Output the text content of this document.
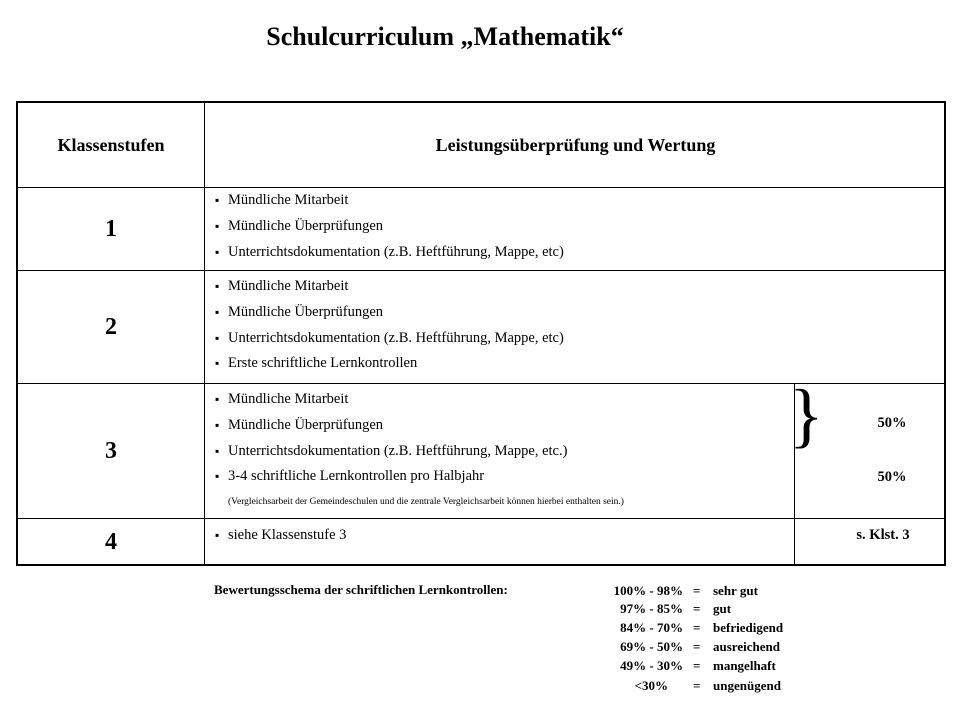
Schulcurriculum „Mathematik“
Klassenstufen	Leistungsüberprüfung und Wertung
1
▪ Mündliche Mitarbeit
▪ Mündliche Überprüfungen
▪ Unterrichtsdokumentation (z.B. Heftführung, Mappe, etc)
2
▪ Mündliche Mitarbeit
▪ Mündliche Überprüfungen
▪ Unterrichtsdokumentation (z.B. Heftführung, Mappe, etc)
▪ Erste schriftliche Lernkontrollen
3
▪ Mündliche Mitarbeit
▪ Mündliche Überprüfungen
▪ Unterrichtsdokumentation (z.B. Heftführung, Mappe, etc.)
▪ 3-4 schriftliche Lernkontrollen pro Halbjahr
(Vergleichsarbeit der Gemeindeschulen und die zentrale Vergleichsarbeit können hierbei enthalten sein.)
}	50%
50%
4
▪	siehe Klassenstufe 3	s. Klst. 3
Bewertungsschema der schriftlichen Lernkontrollen:	100% - 98% = sehr gut
97% - 85% = gut
84% - 70% = befriedigend
69% - 50% = ausreichend
49% - 30% = mangelhaft
<30% = ungenügend
